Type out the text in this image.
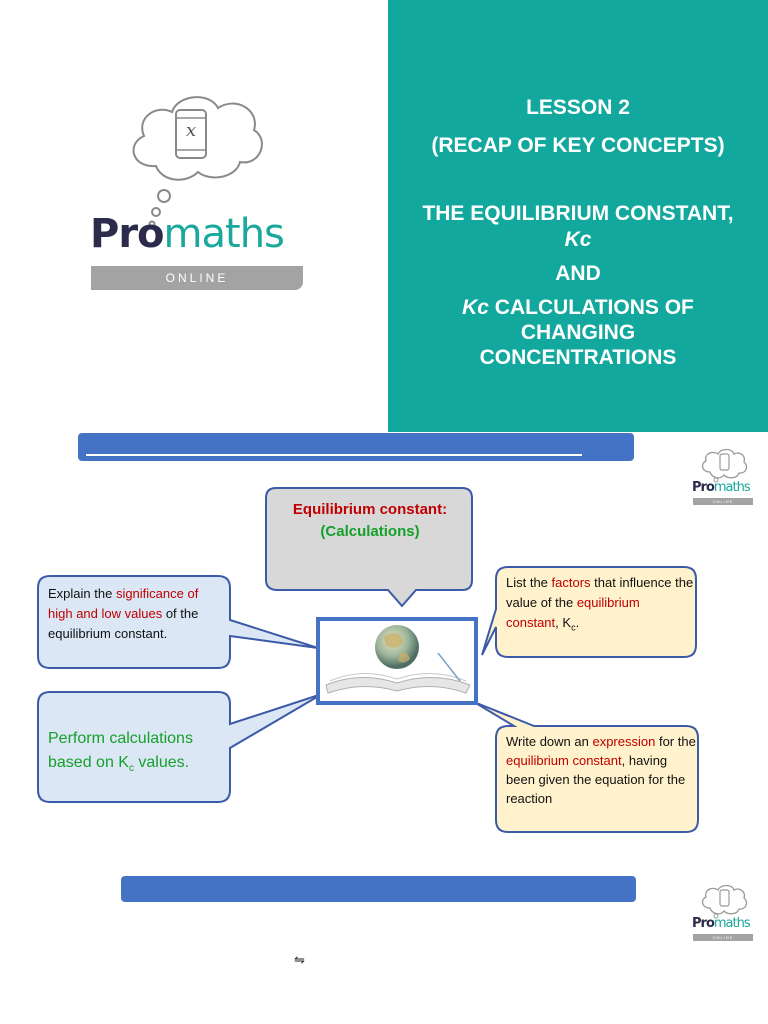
x
Promaths
ONLINE
LESSON 2
(RECAP OF KEY CONCEPTS)
THE EQUILIBRIUM CONSTANT,
Kc
AND
Kc CALCULATIONS OF
CHANGING
CONCENTRATIONS
Promaths
ONLINE
Equilibrium constant:
(Calculations)
Explain the significance of high and low values of the equilibrium constant.
Perform calculations based on $K_c$ values.
List the factors that influence the value of the equilibrium constant, $K_c$.
Write down an expression for the equilibrium constant, having been given the equation for the reaction
Promaths
ONLINE
⇋
